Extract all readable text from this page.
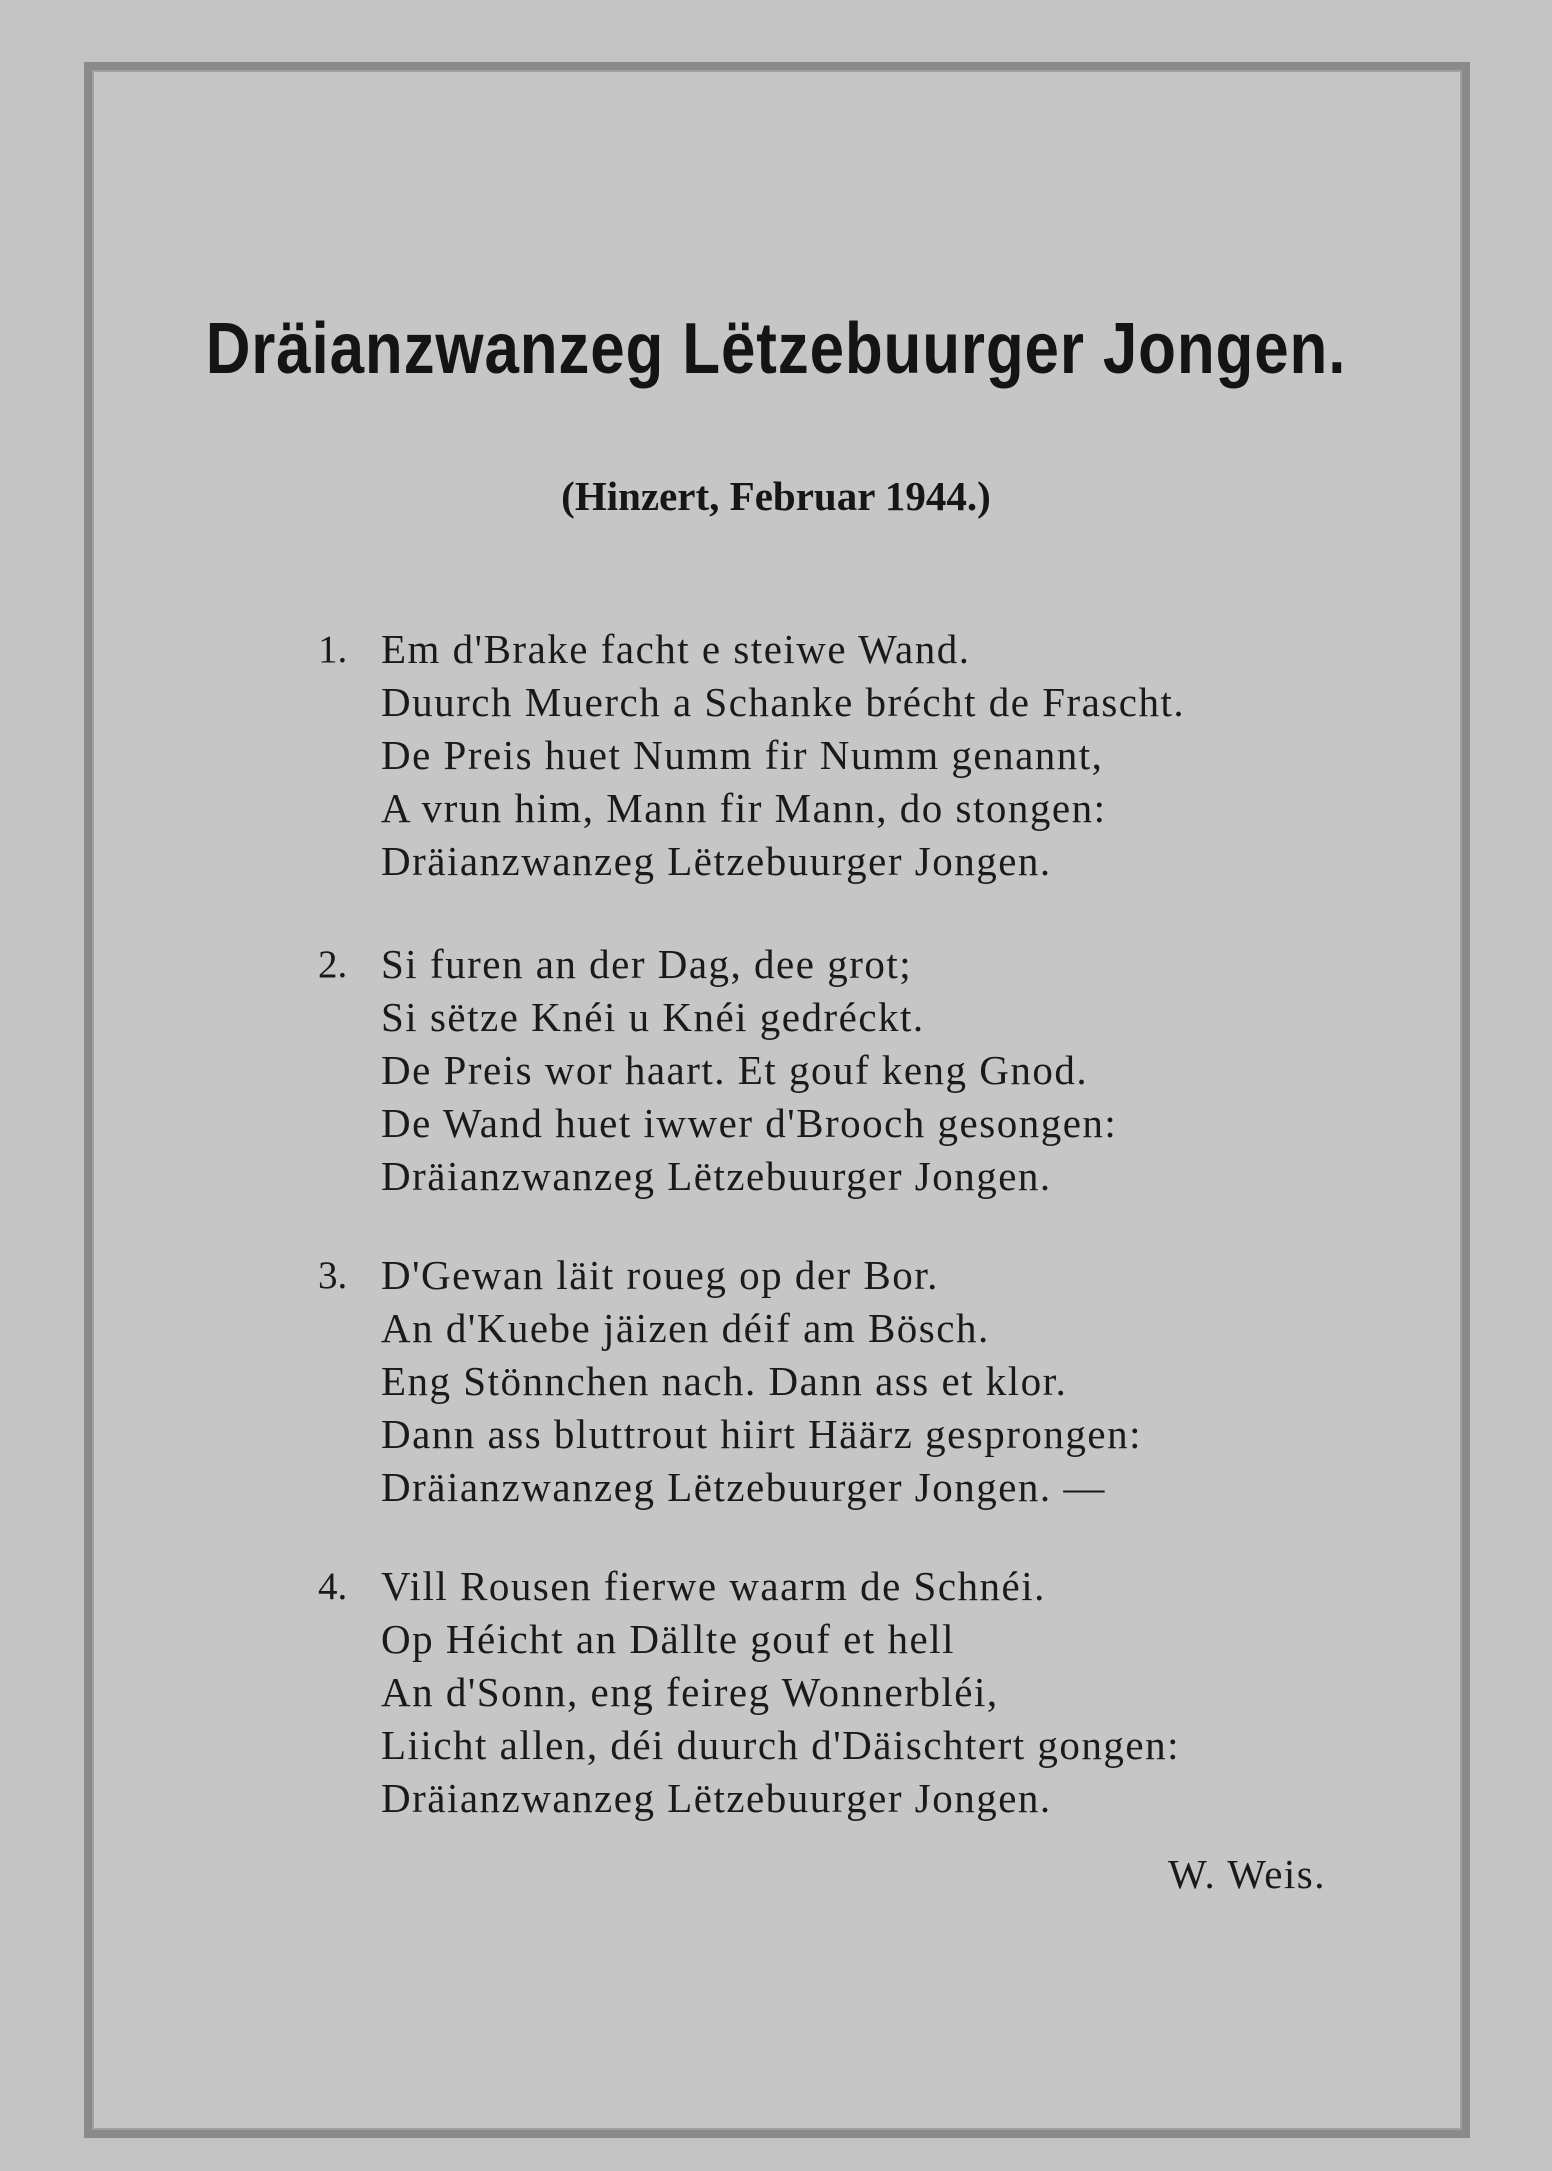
Dräianzwanzeg Lëtzebuurger Jongen.
(Hinzert, Februar 1944.)
1. Em d'Brake facht e steiwe Wand.
Duurch Muerch a Schanke brécht de Frascht.
De Preis huet Numm fir Numm genannt,
A vrun him, Mann fir Mann, do stongen:
Dräianzwanzeg Lëtzebuurger Jongen.
2. Si furen an der Dag, dee grot;
Si sëtze Knéi u Knéi gedréckt.
De Preis wor haart. Et gouf keng Gnod.
De Wand huet iwwer d'Brooch gesongen:
Dräianzwanzeg Lëtzebuurger Jongen.
3. D'Gewan läit roueg op der Bor.
An d'Kuebe jäizen déif am Bösch.
Eng Stönnchen nach. Dann ass et klor.
Dann ass bluttrout hiirt Häärz gesprongen:
Dräianzwanzeg Lëtzebuurger Jongen. —
4. Vill Rousen fierwe waarm de Schnéi.
Op Héicht an Dällte gouf et hell
An d'Sonn, eng feireg Wonnerbléi,
Liicht allen, déi duurch d'Däischtert gongen:
Dräianzwanzeg Lëtzebuurger Jongen.
W. Weis.
